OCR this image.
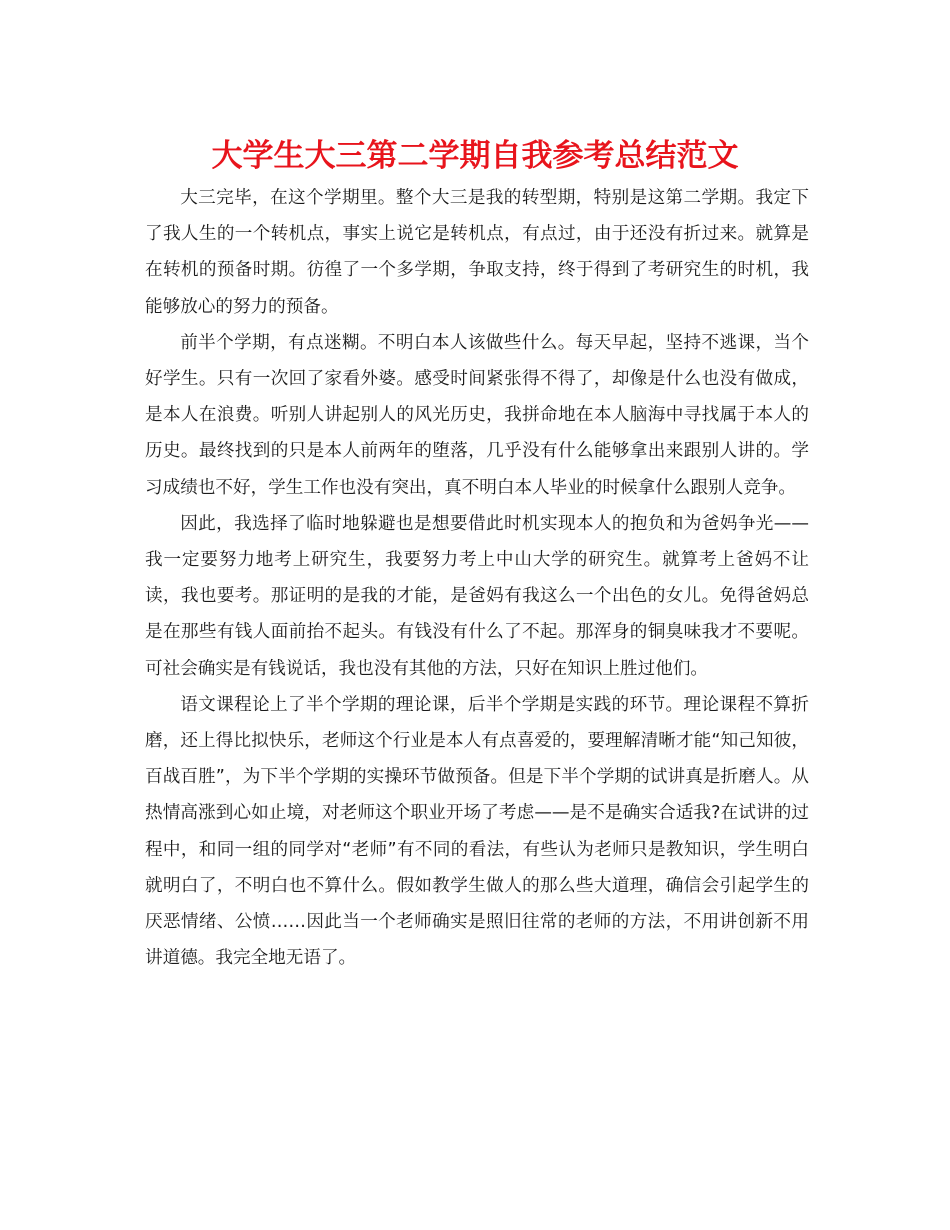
大学生大三第二学期自我参考总结范文

大三完毕，在这个学期里。整个大三是我的转型期，特别是这第二学期。我定下了我人生的一个转机点，事实上说它是转机点，有点过，由于还没有折过来。就算是在转机的预备时期。彷徨了一个多学期，争取支持，终于得到了考研究生的时机，我能够放心的努力的预备。

前半个学期，有点迷糊。不明白本人该做些什么。每天早起，坚持不逃课，当个好学生。只有一次回了家看外婆。感受时间紧张得不得了，却像是什么也没有做成，是本人在浪费。听别人讲起别人的风光历史，我拼命地在本人脑海中寻找属于本人的历史。最终找到的只是本人前两年的堕落，几乎没有什么能够拿出来跟别人讲的。学习成绩也不好，学生工作也没有突出，真不明白本人毕业的时候拿什么跟别人竞争。

因此，我选择了临时地躲避也是想要借此时机实现本人的抱负和为爸妈争光——我一定要努力地考上研究生，我要努力考上中山大学的研究生。就算考上爸妈不让读，我也要考。那证明的是我的才能，是爸妈有我这么一个出色的女儿。免得爸妈总是在那些有钱人面前抬不起头。有钱没有什么了不起。那浑身的铜臭味我才不要呢。可社会确实是有钱说话，我也没有其他的方法，只好在知识上胜过他们。

语文课程论上了半个学期的理论课，后半个学期是实践的环节。理论课程不算折磨，还上得比拟快乐，老师这个行业是本人有点喜爱的，要理解清晰才能“知己知彼，百战百胜”，为下半个学期的实操环节做预备。但是下半个学期的试讲真是折磨人。从热情高涨到心如止境，对老师这个职业开场了考虑——是不是确实合适我?在试讲的过程中，和同一组的同学对“老师”有不同的看法，有些认为老师只是教知识，学生明白就明白了，不明白也不算什么。假如教学生做人的那么些大道理，确信会引起学生的厌恶情绪、公愤……因此当一个老师确实是照旧往常的老师的方法，不用讲创新不用讲道德。我完全地无语了。
